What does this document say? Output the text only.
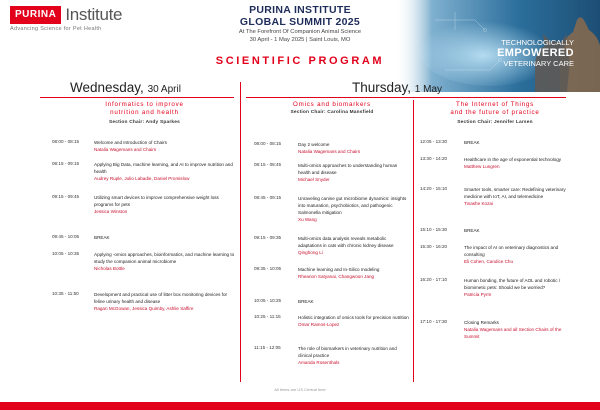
PURINA Institute
Advancing Science for Pet Health
PURINA INSTITUTE
GLOBAL SUMMIT 2025
At The Forefront Of Companion Animal Science
30 April - 1 May 2025 | Saint Louis, MO	TECHNOLOGICALLY
EMPOWERED
VETERINARY CARE
SCIENTIFIC PROGRAM
Wednesday, 30 April	Thursday, 1 May
Informatics to improve
nutrition and health
Section Chair: Andy Sparkes
08:00 - 08:15	Welcome and Introduction of Chairs
Natalia Wagemans and Chairs
08:15 - 09:15	Applying Big Data, machine learning, and AI to improve nutrition and health
Audrey Ruple, Julio Labadie, Daniel Promislow
09:15 - 09:45	Utilizing smart devices to improve comprehensive weight loss programs for pets
Jessica Winston
09:45 - 10:05	BREAK
10:05 - 10:35	Applying -omics approaches, bioinformatics, and machine learning to study the companion animal microbiome
Nicholas Bottle
10:35 - 11:50	Development and practical use of litter box monitoring devices for feline urinary health and disease
Ragan McGowan, Jessica Quimby, Ashlie Saffire
Omics and biomarkers
Section Chair: Carolina Mansfield
08:00 - 08:15	Day 2 welcome
Natalia Wagemans and Chairs
08:15 - 08:45	Multi-omics approaches to understanding human health and disease
Michael Snyder
08:45 - 09:15	Unraveling canine gut microbiome dynamics: insights into maturation, psychobiotics, and pathogenic Salmonella mitigation
Xu Wang
09:15 - 09:35	Multi-omics data analysis reveals metabolic adaptations in cats with chronic kidney disease
Qinghong Li
09:35 - 10:05	Machine learning and In-Silico modeling
Rheanon Satyanai, Changwoon Jang
10:05 - 10:25	BREAK
10:25 - 11:15	Holistic integration of omics tools for precision nutrition
Omar Ramos-Lopez
11:15 - 12:05	The role of biomarkers in veterinary nutrition and clinical practice
Amanda Rosenthals
The Internet of Things
and the future of practice
Section Chair: Jennifer Larsen
12:05 - 13:30	BREAK
13:30 - 14:20	Healthcare in the age of exponential technology
Matthew Lungren
14:20 - 15:10	Smarter tools, smarter care: Redefining veterinary medicine with IoT, AI, and telemedicine
Tinashe Kozai
15:10 - 15:30	BREAK
15:30 - 16:20	The impact of AI on veterinary diagnostics and consulting
Eli Cohen, Candice Chu
16:20 - 17:10	Human bonding, the future of AOL and robotic / biomimetic pets: Should we be worried?
Patricia Pyrm
17:10 - 17:30	Closing Remarks
Natalia Wagemans and all Section Chairs of the Summit
All times are US Central time
